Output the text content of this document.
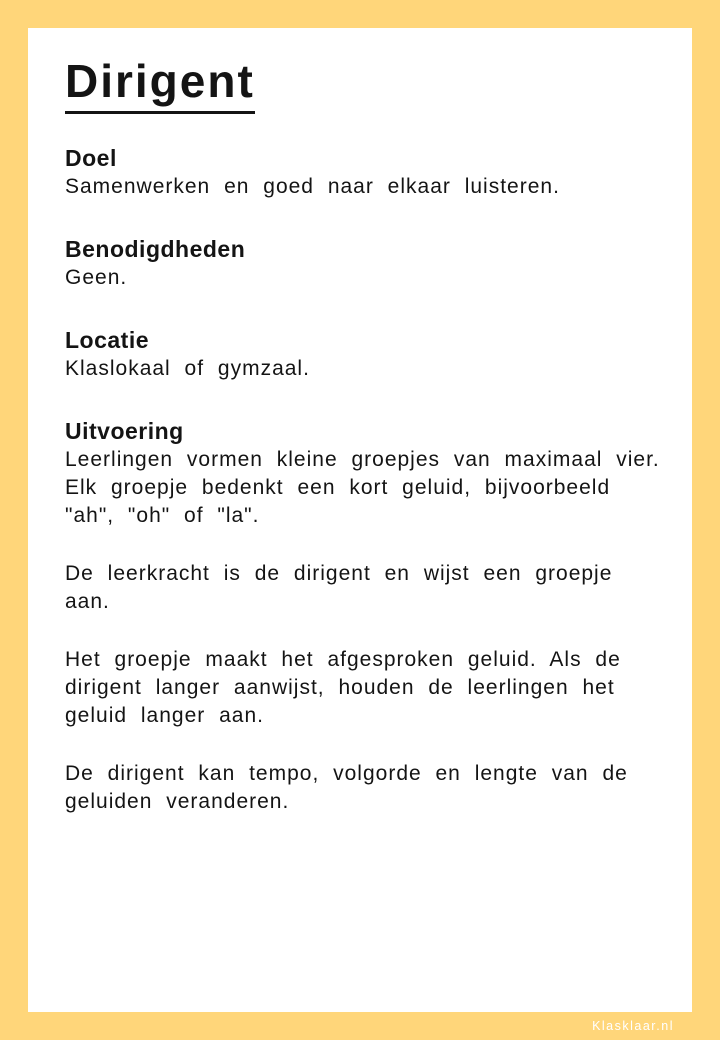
Dirigent
Doel

Samenwerken en goed naar elkaar luisteren.

Benodigdheden

Geen.

Locatie

Klaslokaal of gymzaal.

Uitvoering

Leerlingen vormen kleine groepjes van maximaal vier.

Elk groepje bedenkt een kort geluid, bijvoorbeeld "ah", "oh" of "la".

De leerkracht is de dirigent en wijst een groepje aan.

Het groepje maakt het afgesproken geluid. Als de dirigent langer aanwijst, houden de leerlingen het geluid langer aan.

De dirigent kan tempo, volgorde en lengte van de geluiden veranderen.

Klasklaar.nl
